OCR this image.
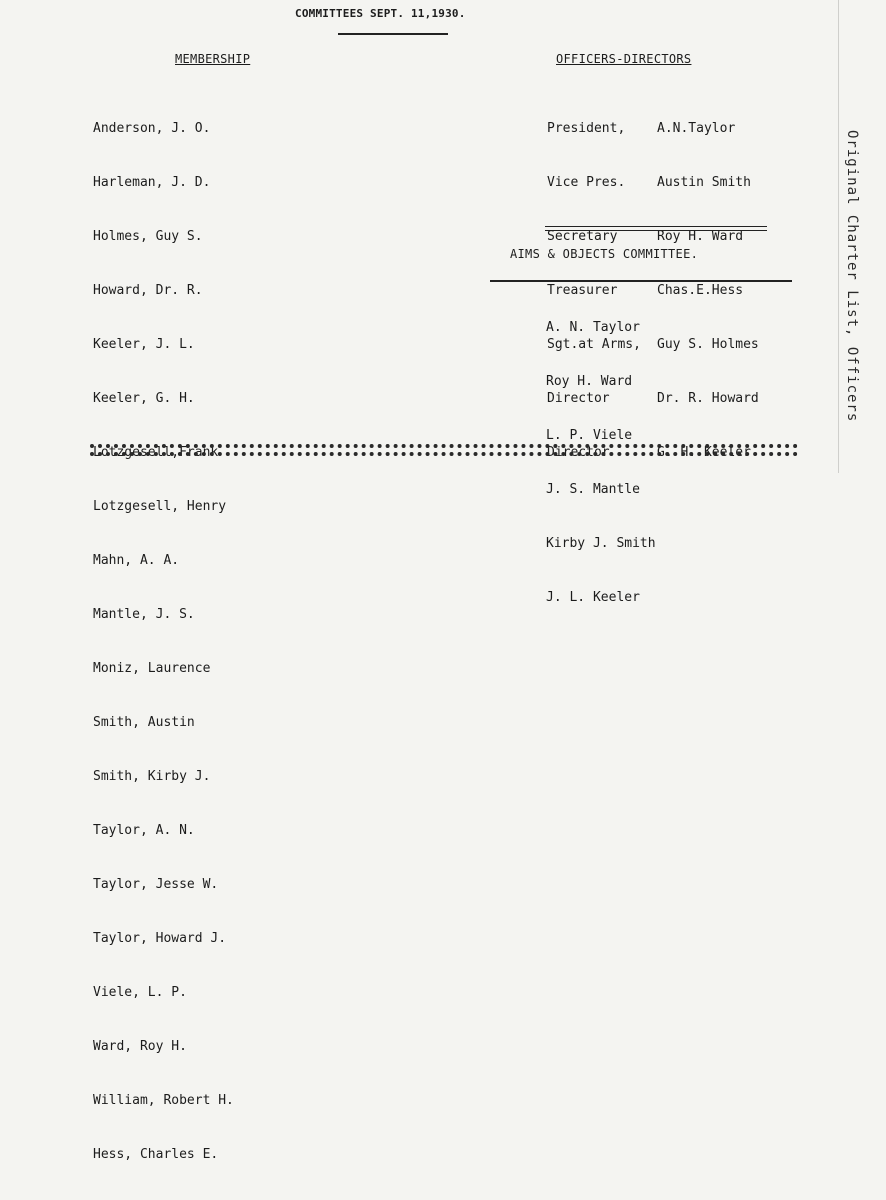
COMMITTEES SEPT. 11,1930.
MEMBERSHIP

Anderson, J. O.

Harleman, J. D.

Holmes, Guy S.

Howard, Dr. R.

Keeler, J. L.

Keeler, G. H.

Lotzgesell,Frank

Lotzgesell, Henry

Mahn, A. A.

Mantle, J. S.

Moniz, Laurence

Smith, Austin

Smith, Kirby J.

Taylor, A. N.

Taylor, Jesse W.

Taylor, Howard J.

Viele, L. P.

Ward, Roy H.

William, Robert H.

Hess, Charles E.

OFFICERS-DIRECTORS

President, A.N.Taylor

Vice Pres. Austin Smith

Secretary	Roy H. Ward

Treasurer	Chas.E.Hess

Sgt.at Arms, Guy S. Holmes

Director	Dr. R. Howard

Director	G. H. Keeler

AIMS & OBJECTS COMMITTEE.

A. N. Taylor

Roy H. Ward

L. P. Viele

J. S. Mantle

Kirby J. Smith

J. L. Keeler

Original Charter List, Officers
